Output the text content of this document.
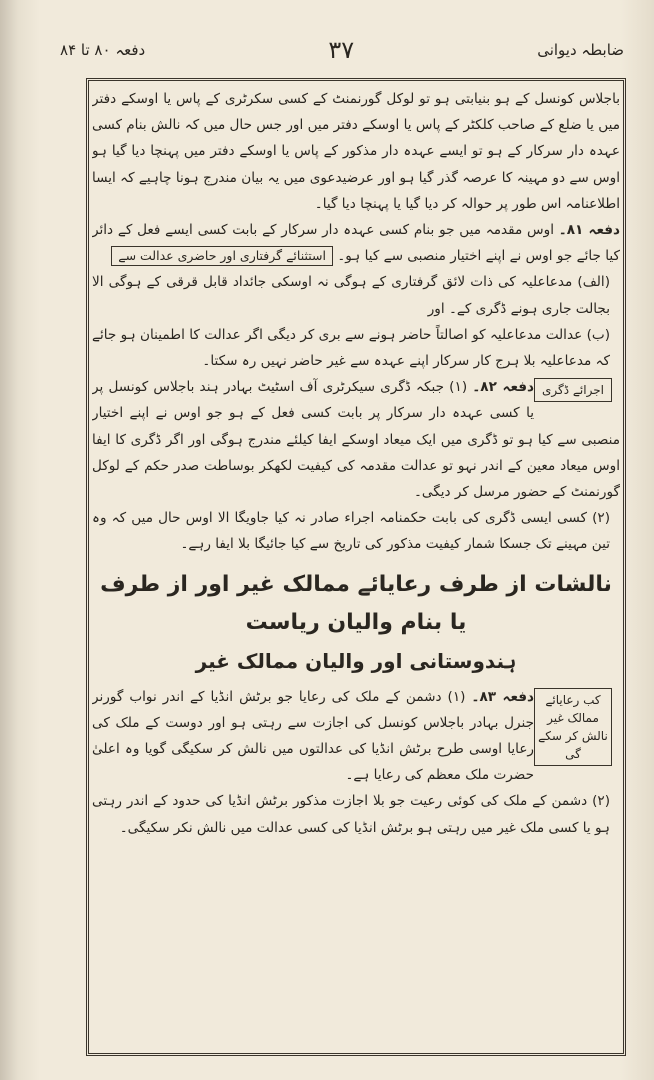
ضابطہ دیوانی
۳۷
دفعہ ۸۰ تا ۸۴

باجلاس کونسل کے ہو بنیابتی ہو تو لوکل گورنمنٹ کے کسی سکرٹری کے پاس یا اوسکے دفتر میں یا ضلع کے صاحب کلکٹر کے پاس یا اوسکے دفتر میں اور جس حال میں کہ نالش بنام کسی عہدہ دار سرکار کے ہو تو ایسے عہدہ دار مذکور کے پاس یا اوسکے دفتر میں پہنچا دیا گیا ہو اوس سے دو مہینہ کا عرصہ گذر گیا ہو اور عرضیدعوی میں یہ بیان مندرج ہونا چاہیے کہ ایسا اطلاعنامہ اس طور پر حوالہ کر دیا گیا یا پہنچا دیا گیا۔

دفعہ ۸۱۔ اوس مقدمہ میں جو بنام کسی عہدہ دار سرکار کے بابت کسی ایسے فعل کے دائر کیا جائے جو اوس نے اپنے اختیار منصبی سے کیا ہو۔ استثنائے گرفتاری اور حاضری عدالت سے

(الف) مدعاعلیہ کی ذات لائق گرفتاری کے ہوگی نہ اوسکی جائداد قابل قرقی کے ہوگی الا بجالت جاری ہونے ڈگری کے۔ اور

(ب) عدالت مدعاعلیہ کو اصالتاً حاضر ہونے سے بری کر دیگی اگر عدالت کا اطمینان ہو جائے کہ مدعاعلیہ بلا ہرج کار سرکار اپنے عہدہ سے غیر حاضر نہیں رہ سکتا۔

اجرائے ڈگری
دفعہ ۸۲۔ (۱) جبکہ ڈگری سیکرٹری آف اسٹیٹ بہادر ہند باجلاس کونسل پر یا کسی عہدہ دار سرکار پر بابت کسی فعل کے ہو جو اوس نے اپنے اختیار منصبی سے کیا ہو تو ڈگری میں ایک میعاد اوسکے ایفا کیلئے مندرج ہوگی اور اگر ڈگری کا ایفا اوس میعاد معین کے اندر نہو تو عدالت مقدمہ کی کیفیت لکھکر بوساطت صدر حکم کے لوکل گورنمنٹ کے حضور مرسل کر دیگی۔

(۲) کسی ایسی ڈگری کی بابت حکمنامہ اجراء صادر نہ کیا جاویگا الا اوس حال میں کہ وہ تین مہینے تک جسکا شمار کیفیت مذکور کی تاریخ سے کیا جائیگا بلا ایفا رہے۔

نالشات از طرف رعایائے ممالک غیر اور از طرف یا بنام والیان ریاست
ہندوستانی اور والیان ممالک غیر

کب رعایائے ممالک غیر نالش کر سکے گی
دفعہ ۸۳۔ (۱) دشمن کے ملک کی رعایا جو برٹش انڈیا کے اندر نواب گورنر جنرل بہادر باجلاس کونسل کی اجازت سے رہتی ہو اور دوست کے ملک کی رعایا اوسی طرح برٹش انڈیا کی عدالتوں میں نالش کر سکیگی گویا وہ اعلیٰ حضرت ملک معظم کی رعایا ہے۔

(۲) دشمن کے ملک کی کوئی رعیت جو بلا اجازت مذکور برٹش انڈیا کی حدود کے اندر رہتی ہو یا کسی ملک غیر میں رہتی ہو برٹش انڈیا کی کسی عدالت میں نالش نکر سکیگی۔
